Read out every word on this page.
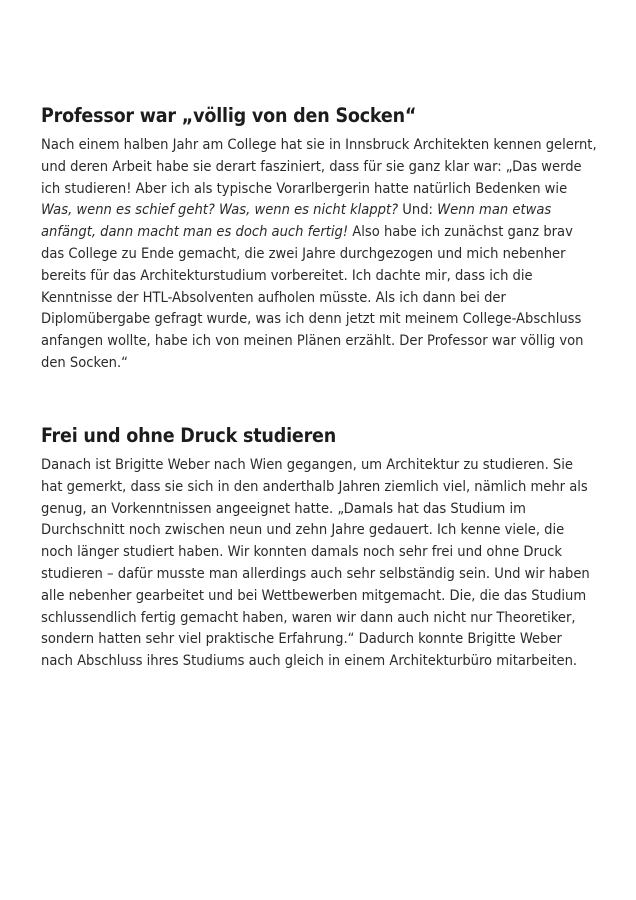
Professor war „völlig von den Socken“

Nach einem halben Jahr am College hat sie in Innsbruck Architekten kennen gelernt, und deren Arbeit habe sie derart fasziniert, dass für sie ganz klar war: „Das werde ich studieren! Aber ich als typische Vorarlbergerin hatte natürlich Bedenken wie Was, wenn es schief geht? Was, wenn es nicht klappt? Und: Wenn man etwas anfängt, dann macht man es doch auch fertig! Also habe ich zunächst ganz brav das College zu Ende gemacht, die zwei Jahre durchgezogen und mich nebenher bereits für das Architekturstudium vorbereitet. Ich dachte mir, dass ich die Kenntnisse der HTL-Absolventen aufholen müsste. Als ich dann bei der Diplomübergabe gefragt wurde, was ich denn jetzt mit meinem College-Abschluss anfangen wollte, habe ich von meinen Plänen erzählt. Der Professor war völlig von den Socken.“

Frei und ohne Druck studieren

Danach ist Brigitte Weber nach Wien gegangen, um Architektur zu studieren. Sie hat gemerkt, dass sie sich in den anderthalb Jahren ziemlich viel, nämlich mehr als genug, an Vorkenntnissen angeeignet hatte. „Damals hat das Studium im Durchschnitt noch zwischen neun und zehn Jahre gedauert. Ich kenne viele, die noch länger studiert haben. Wir konnten damals noch sehr frei und ohne Druck studieren – dafür musste man allerdings auch sehr selbständig sein. Und wir haben alle nebenher gearbeitet und bei Wettbewerben mitgemacht. Die, die das Studium schlussendlich fertig gemacht haben, waren wir dann auch nicht nur Theoretiker, sondern hatten sehr viel praktische Erfahrung.“ Dadurch konnte Brigitte Weber nach Abschluss ihres Studiums auch gleich in einem Architekturbüro mitarbeiten.
